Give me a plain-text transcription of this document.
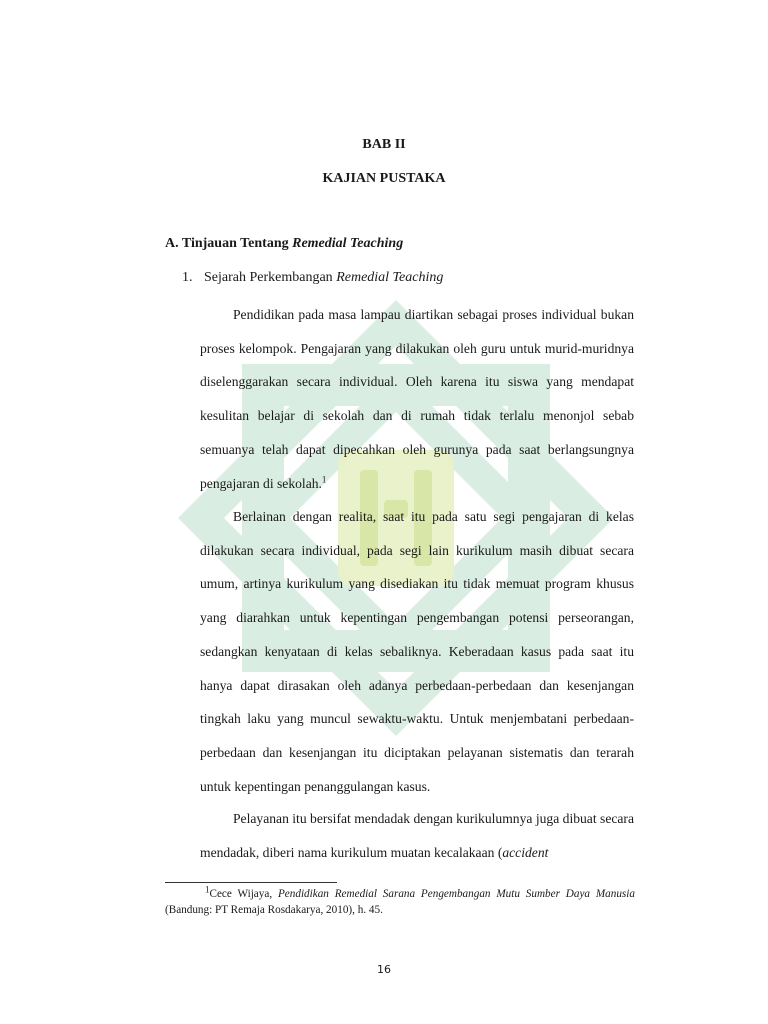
BAB II
KAJIAN PUSTAKA
A. Tinjauan Tentang Remedial Teaching
1. Sejarah Perkembangan Remedial Teaching

Pendidikan pada masa lampau diartikan sebagai proses individual bukan proses kelompok. Pengajaran yang dilakukan oleh guru untuk murid-muridnya diselenggarakan secara individual. Oleh karena itu siswa yang mendapat kesulitan belajar di sekolah dan di rumah tidak terlalu menonjol sebab semuanya telah dapat dipecahkan oleh gurunya pada saat berlangsungnya pengajaran di sekolah.$^1$

Berlainan dengan realita, saat itu pada satu segi pengajaran di kelas dilakukan secara individual, pada segi lain kurikulum masih dibuat secara umum, artinya kurikulum yang disediakan itu tidak memuat program khusus yang diarahkan untuk kepentingan pengembangan potensi perseorangan, sedangkan kenyataan di kelas sebaliknya. Keberadaan kasus pada saat itu hanya dapat dirasakan oleh adanya perbedaan-perbedaan dan kesenjangan tingkah laku yang muncul sewaktu-waktu. Untuk menjembatani perbedaan-perbedaan dan kesenjangan itu diciptakan pelayanan sistematis dan terarah untuk kepentingan penanggulangan kasus.

Pelayanan itu bersifat mendadak dengan kurikulumnya juga dibuat secara mendadak, diberi nama kurikulum muatan kecalakaan (accident

$^1$Cece Wijaya, Pendidikan Remedial Sarana Pengembangan Mutu Sumber Daya Manusia (Bandung: PT Remaja Rosdakarya, 2010), h. 45.
16
